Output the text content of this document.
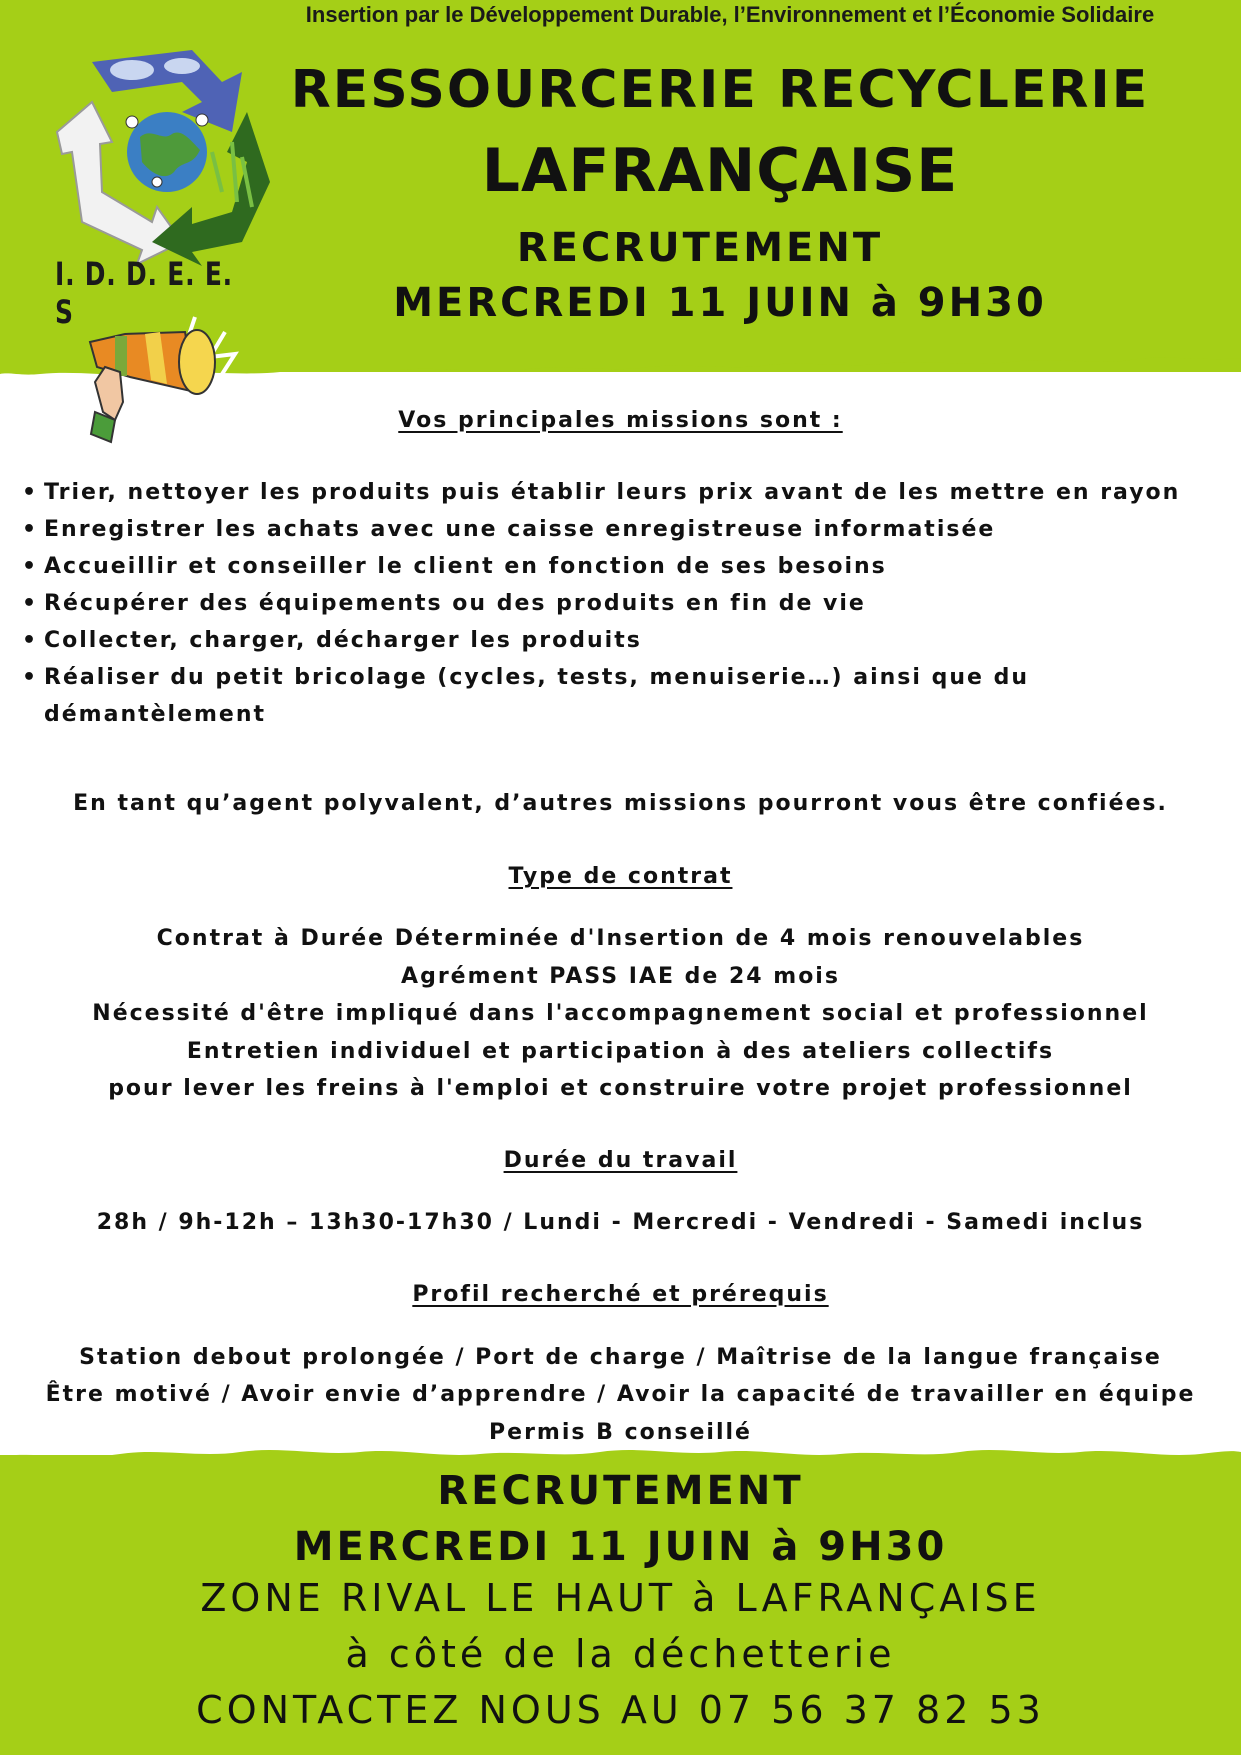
Insertion par le Développement Durable, l’Environnement et l’Économie Solidaire
RESSOURCERIE RECYCLERIE
LAFRANÇAISE
RECRUTEMENT
MERCREDI 11 JUIN à 9H30
I. D. D. E. E. S
Vos principales missions sont :
• Trier, nettoyer les produits puis établir leurs prix avant de les mettre en rayon
• Enregistrer les achats avec une caisse enregistreuse informatisée
• Accueillir et conseiller le client en fonction de ses besoins
• Récupérer des équipements ou des produits en fin de vie
• Collecter, charger, décharger les produits
• Réaliser du petit bricolage (cycles, tests, menuiserie…) ainsi que du démantèlement
En tant qu’agent polyvalent, d’autres missions pourront vous être confiées.
Type de contrat
Contrat à Durée Déterminée d'Insertion de 4 mois renouvelables
Agrément PASS IAE de 24 mois
Nécessité d'être impliqué dans l'accompagnement social et professionnel
Entretien individuel et participation à des ateliers collectifs
pour lever les freins à l'emploi et construire votre projet professionnel
Durée du travail
28h / 9h-12h – 13h30-17h30 / Lundi - Mercredi - Vendredi - Samedi inclus
Profil recherché et prérequis
Station debout prolongée / Port de charge / Maîtrise de la langue française
Être motivé / Avoir envie d’apprendre / Avoir la capacité de travailler en équipe
Permis B conseillé
RECRUTEMENT
MERCREDI 11 JUIN à 9H30
ZONE RIVAL LE HAUT à LAFRANÇAISE
à côté de la déchetterie
CONTACTEZ NOUS AU 07 56 37 82 53
